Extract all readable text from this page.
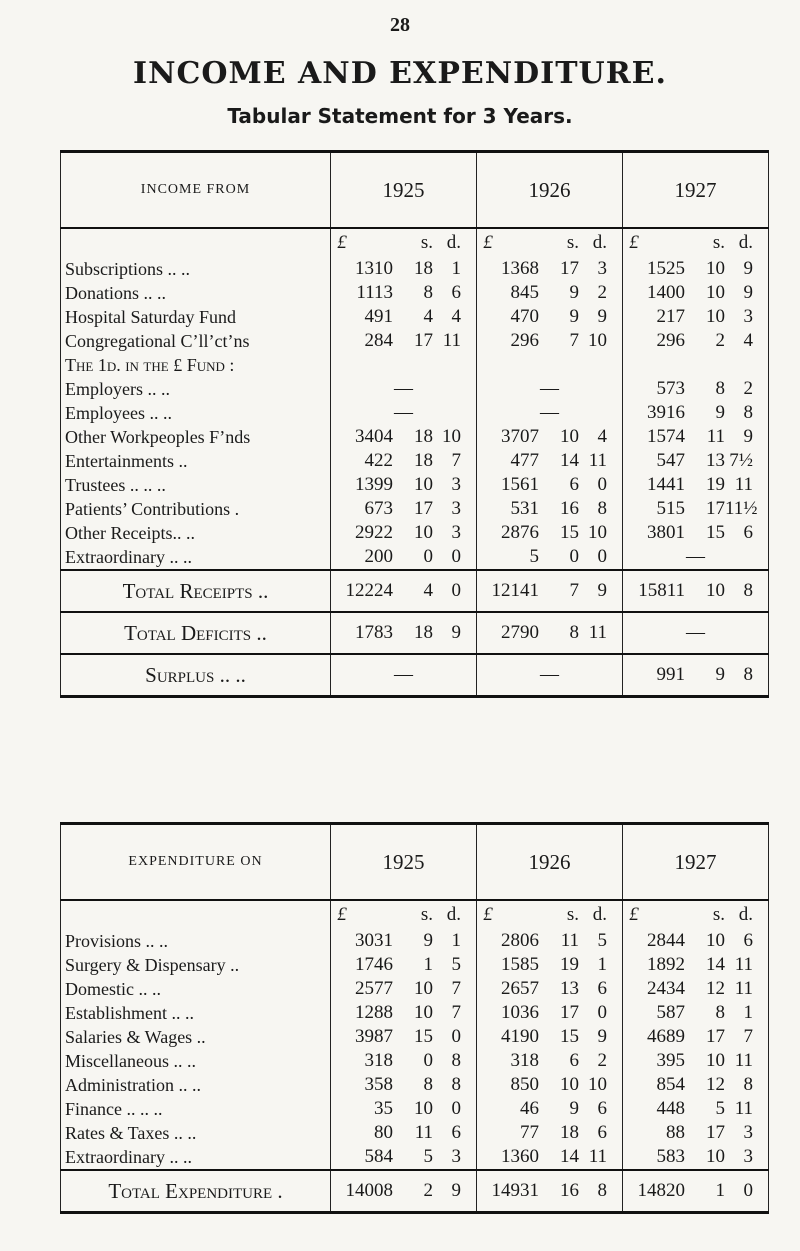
28
INCOME AND EXPENDITURE.
Tabular Statement for 3 Years.
INCOME FROM	1925	1926	1927

	£ s. d.	£ s. d.	£ s. d.

Subscriptions .. ..	1310 18 1	1368 17 3	1525 10 9

Donations .. ..	1113 8 6	845 9 2	1400 10 9

Hospital Saturday Fund	491 4 4	470 9 9	217 10 3

Congregational C’ll’ct’ns	284 17 11	296 7 10	296 2 4

The 1d. in the £ Fund :	

Employers .. ..	—	—	573 8 2

Employees .. ..	—	—	3916 9 8

Other Workpeoples F’nds	3404 18 10	3707 10 4	1574 11 9

Entertainments ..	422 18 7	477 14 11	547 13 7½

Trustees .. .. ..	1399 10 3	1561 6 0	1441 19 11

Patients’ Contributions .	673 17 3	531 16 8	515 17 11½

Other Receipts.. ..	2922 10 3	2876 15 10	3801 15 6

Extraordinary .. ..	200 0 0	5 0 0	—

Total Receipts ..	12224 4 0	12141 7 9	15811 10 8

Total Deficits ..	1783 18 9	2790 8 11	—

Surplus .. ..	—	—	991 9 8
EXPENDITURE ON	1925	1926	1927

	£ s. d.	£ s. d.	£ s. d.

Provisions .. ..	3031 9 1	2806 11 5	2844 10 6

Surgery & Dispensary ..	1746 1 5	1585 19 1	1892 14 11

Domestic .. ..	2577 10 7	2657 13 6	2434 12 11

Establishment .. ..	1288 10 7	1036 17 0	587 8 1

Salaries & Wages ..	3987 15 0	4190 15 9	4689 17 7

Miscellaneous .. ..	318 0 8	318 6 2	395 10 11

Administration .. ..	358 8 8	850 10 10	854 12 8

Finance .. .. ..	35 10 0	46 9 6	448 5 11

Rates & Taxes .. ..	80 11 6	77 18 6	88 17 3

Extraordinary .. ..	584 5 3	1360 14 11	583 10 3

Total Expenditure .	14008 2 9	14931 16 8	14820 1 0
